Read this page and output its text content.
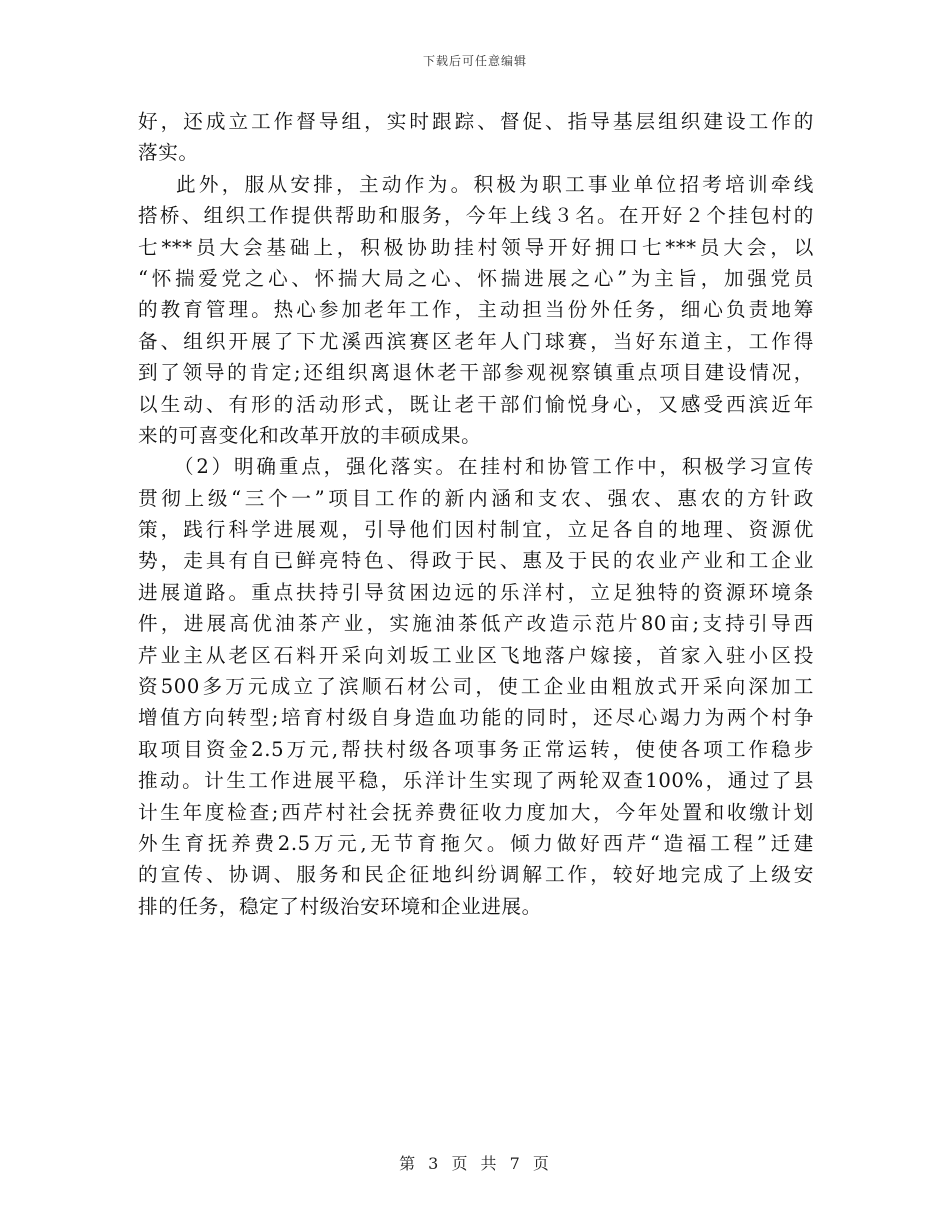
下载后可任意编辑
好，还成立工作督导组，实时跟踪、督促、指导基层组织建设工作的
落实。
此外，服从安排，主动作为。积极为职工事业单位招考培训牵线
搭桥、组织工作提供帮助和服务，今年上线３名。在开好２个挂包村的
七***员大会基础上，积极协助挂村领导开好拥口七***员大会，以
“怀揣爱党之心、怀揣大局之心、怀揣进展之心”为主旨，加强党员
的教育管理。热心参加老年工作，主动担当份外任务，细心负责地筹
备、组织开展了下尤溪西滨赛区老年人门球赛，当好东道主，工作得
到了领导的肯定;还组织离退休老干部参观视察镇重点项目建设情况，
以生动、有形的活动形式，既让老干部们愉悦身心，又感受西滨近年
来的可喜变化和改革开放的丰硕成果。
（2）明确重点，强化落实。在挂村和协管工作中，积极学习宣传
贯彻上级“三个一”项目工作的新内涵和支农、强农、惠农的方针政
策，践行科学进展观，引导他们因村制宜，立足各自的地理、资源优
势，走具有自已鲜亮特色、得政于民、惠及于民的农业产业和工企业
进展道路。重点扶持引导贫困边远的乐洋村，立足独特的资源环境条
件，进展高优油茶产业，实施油茶低产改造示范片80亩;支持引导西
芹业主从老区石料开采向刘坂工业区飞地落户嫁接，首家入驻小区投
资500多万元成立了滨顺石材公司，使工企业由粗放式开采向深加工
增值方向转型;培育村级自身造血功能的同时，还尽心竭力为两个村争
取项目资金2.5万元,帮扶村级各项事务正常运转，使使各项工作稳步
推动。计生工作进展平稳，乐洋计生实现了两轮双查100%，通过了县
计生年度检查;西芹村社会抚养费征收力度加大，今年处置和收缴计划
外生育抚养费2.5万元,无节育拖欠。倾力做好西芹“造福工程”迁建
的宣传、协调、服务和民企征地纠纷调解工作，较好地完成了上级安
排的任务，稳定了村级治安环境和企业进展。
第 3 页 共 7 页
